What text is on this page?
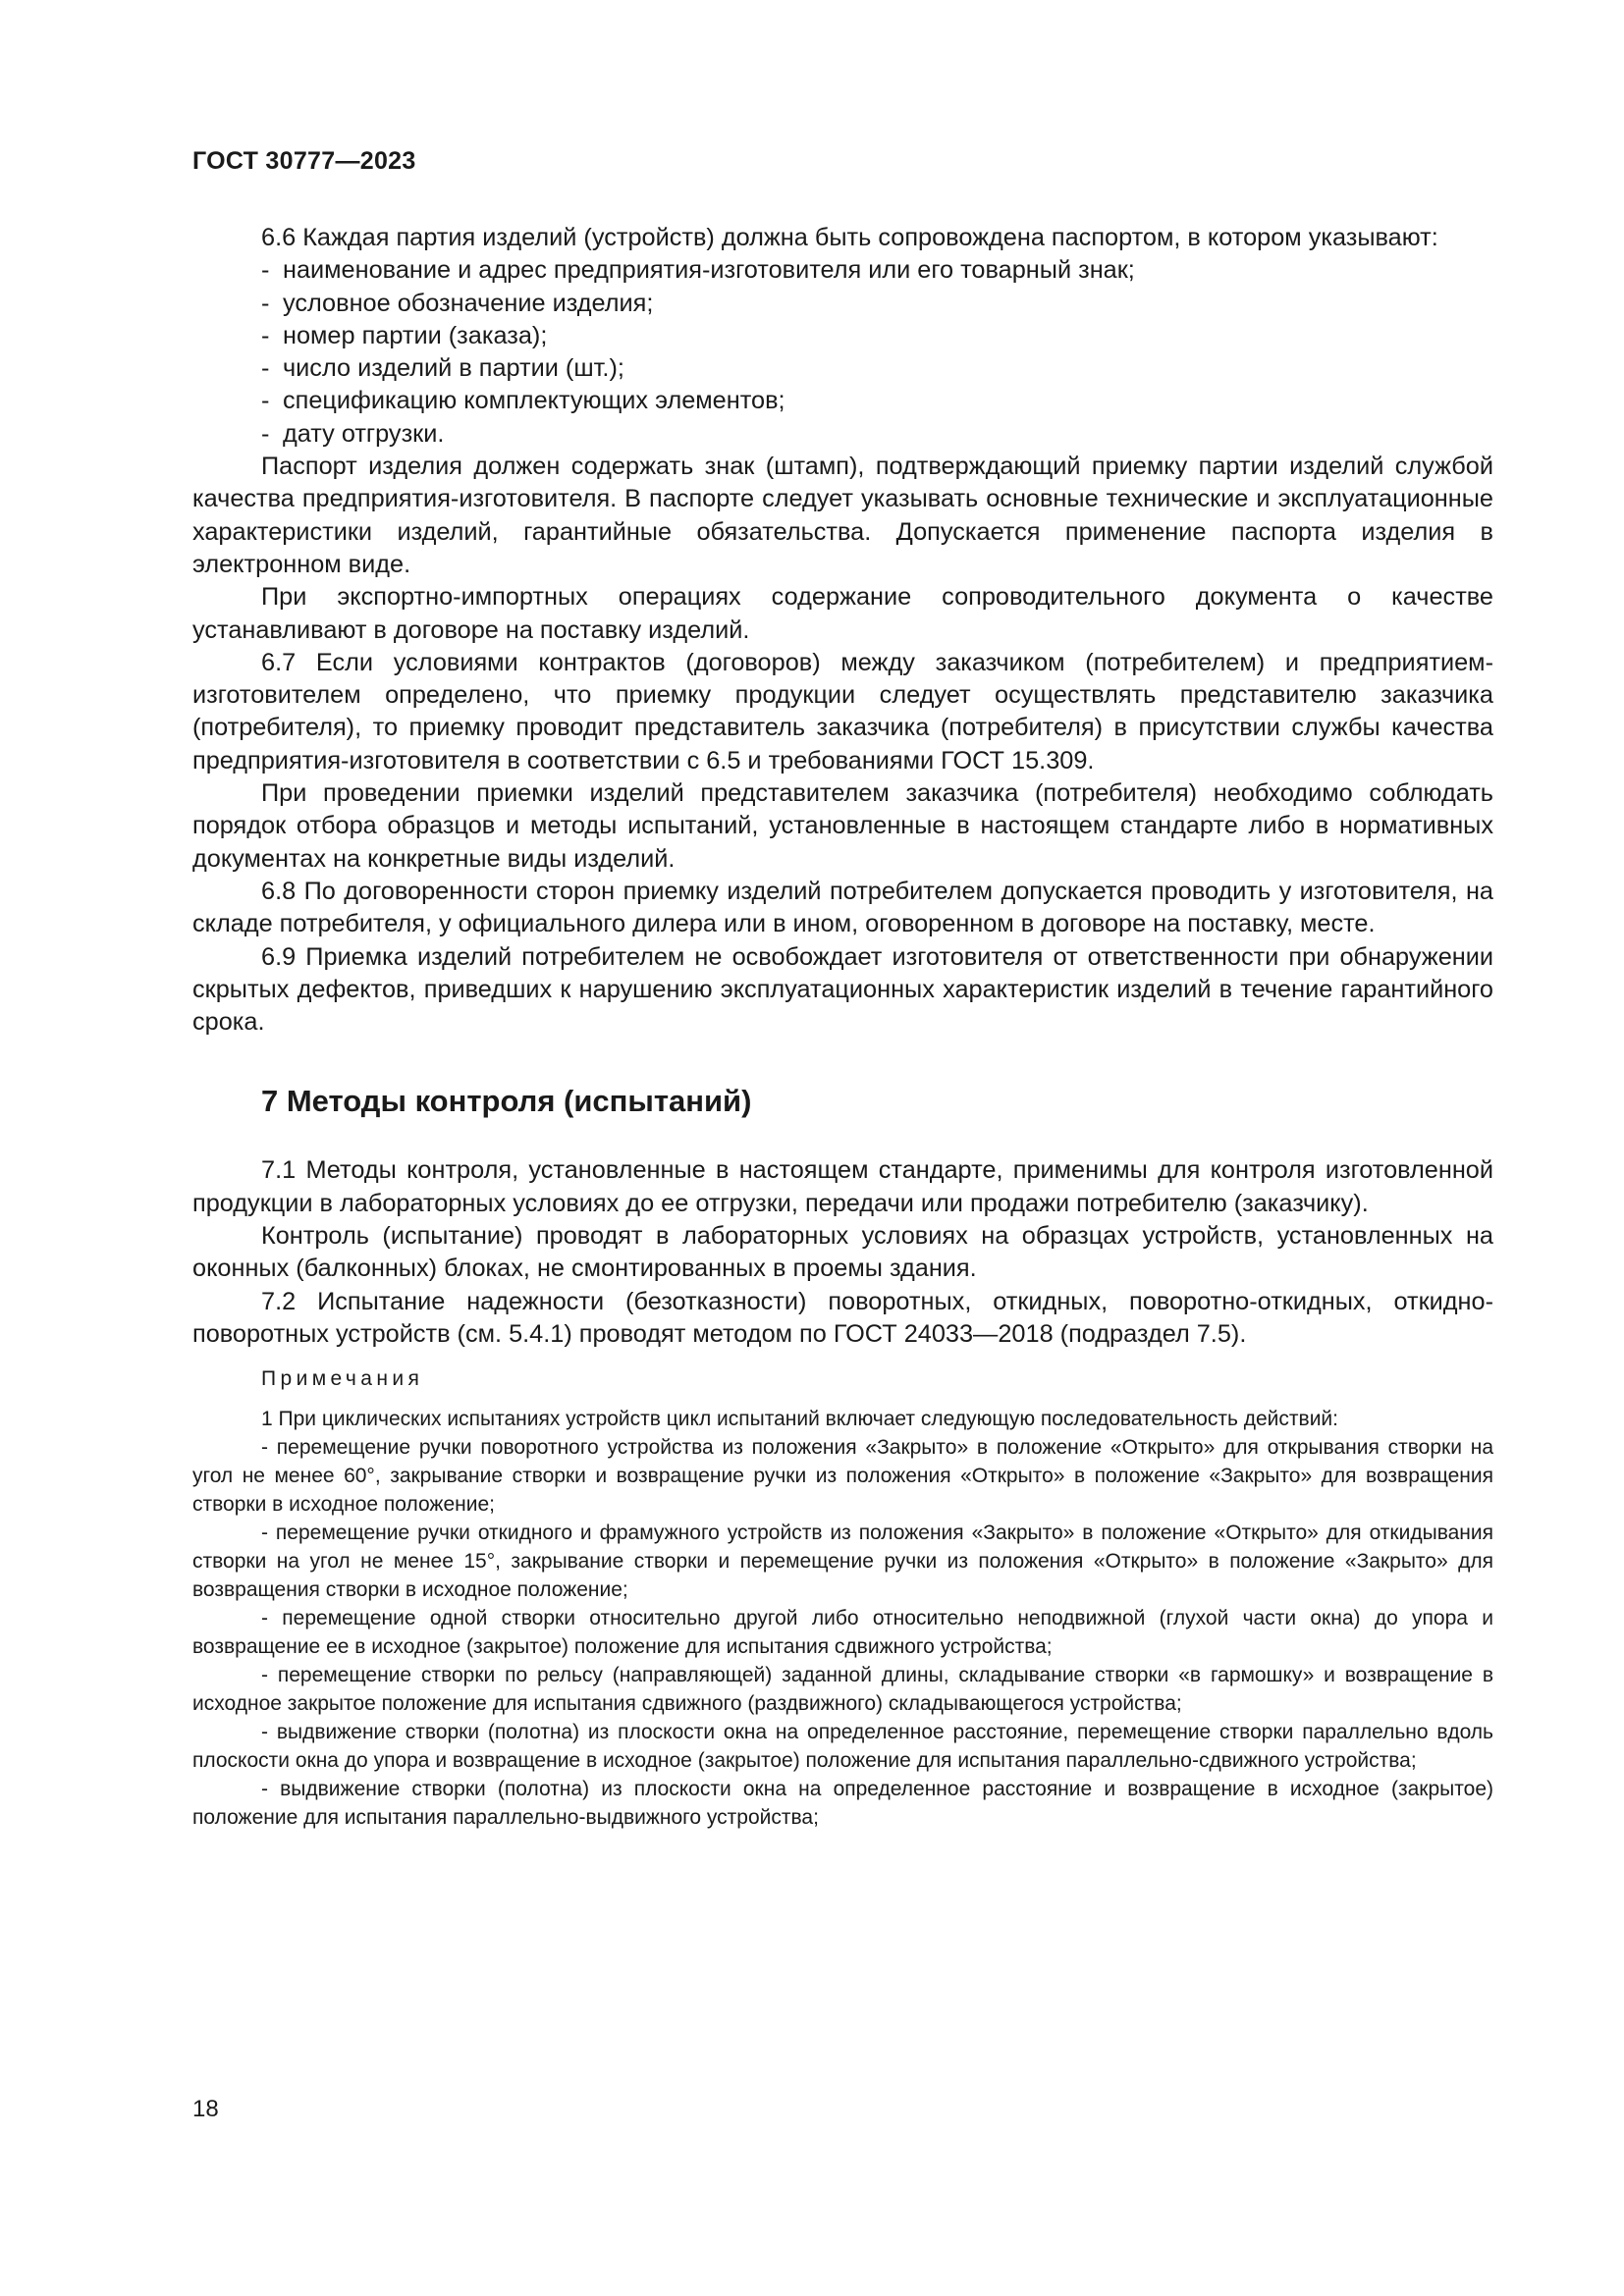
ГОСТ 30777—2023

6.6 Каждая партия изделий (устройств) должна быть сопровождена паспортом, в котором указывают:

- наименование и адрес предприятия-изготовителя или его товарный знак;

- условное обозначение изделия;

- номер партии (заказа);

- число изделий в партии (шт.);

- спецификацию комплектующих элементов;

- дату отгрузки.

Паспорт изделия должен содержать знак (штамп), подтверждающий приемку партии изделий службой качества предприятия-изготовителя. В паспорте следует указывать основные технические и эксплуатационные характеристики изделий, гарантийные обязательства. Допускается применение паспорта изделия в электронном виде.

При экспортно-импортных операциях содержание сопроводительного документа о качестве устанавливают в договоре на поставку изделий.

6.7 Если условиями контрактов (договоров) между заказчиком (потребителем) и предприятием-изготовителем определено, что приемку продукции следует осуществлять представителю заказчика (потребителя), то приемку проводит представитель заказчика (потребителя) в присутствии службы качества предприятия-изготовителя в соответствии с 6.5 и требованиями ГОСТ 15.309.

При проведении приемки изделий представителем заказчика (потребителя) необходимо соблюдать порядок отбора образцов и методы испытаний, установленные в настоящем стандарте либо в нормативных документах на конкретные виды изделий.

6.8 По договоренности сторон приемку изделий потребителем допускается проводить у изготовителя, на складе потребителя, у официального дилера или в ином, оговоренном в договоре на поставку, месте.

6.9 Приемка изделий потребителем не освобождает изготовителя от ответственности при обнаружении скрытых дефектов, приведших к нарушению эксплуатационных характеристик изделий в течение гарантийного срока.

7 Методы контроля (испытаний)

7.1 Методы контроля, установленные в настоящем стандарте, применимы для контроля изготовленной продукции в лабораторных условиях до ее отгрузки, передачи или продажи потребителю (заказчику).

Контроль (испытание) проводят в лабораторных условиях на образцах устройств, установленных на оконных (балконных) блоках, не смонтированных в проемы здания.

7.2 Испытание надежности (безотказности) поворотных, откидных, поворотно-откидных, откидно-поворотных устройств (см. 5.4.1) проводят методом по ГОСТ 24033—2018 (подраздел 7.5).

Примечания

1 При циклических испытаниях устройств цикл испытаний включает следующую последовательность действий:

- перемещение ручки поворотного устройства из положения «Закрыто» в положение «Открыто» для открывания створки на угол не менее 60°, закрывание створки и возвращение ручки из положения «Открыто» в положение «Закрыто» для возвращения створки в исходное положение;

- перемещение ручки откидного и фрамужного устройств из положения «Закрыто» в положение «Открыто» для откидывания створки на угол не менее 15°, закрывание створки и перемещение ручки из положения «Открыто» в положение «Закрыто» для возвращения створки в исходное положение;

- перемещение одной створки относительно другой либо относительно неподвижной (глухой части окна) до упора и возвращение ее в исходное (закрытое) положение для испытания сдвижного устройства;

- перемещение створки по рельсу (направляющей) заданной длины, складывание створки «в гармошку» и возвращение в исходное закрытое положение для испытания сдвижного (раздвижного) складывающегося устройства;

- выдвижение створки (полотна) из плоскости окна на определенное расстояние, перемещение створки параллельно вдоль плоскости окна до упора и возвращение в исходное (закрытое) положение для испытания параллельно-сдвижного устройства;

- выдвижение створки (полотна) из плоскости окна на определенное расстояние и возвращение в исходное (закрытое) положение для испытания параллельно-выдвижного устройства;

18
